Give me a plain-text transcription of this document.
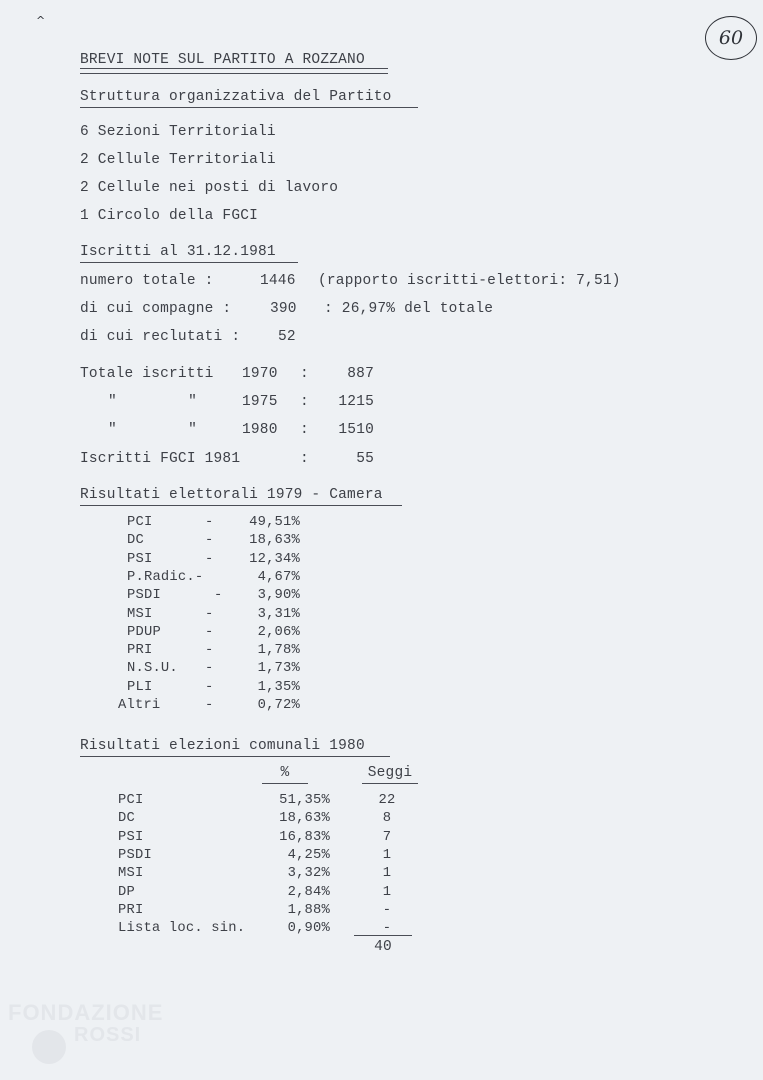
^
60
BREVI NOTE SUL PARTITO A ROZZANO
Struttura organizzativa del Partito
6 Sezioni Territoriali
2 Cellule Territoriali
2 Cellule nei posti di lavoro
1 Circolo della FGCI
Iscritti al 31.12.1981
numero totale :	1446 (rapporto iscritti-elettori: 7,51)
di cui compagne :	390 : 26,97% del totale
di cui reclutati :	52
Totale iscritti 1970 :	887
"        "	1975 :	1215
"        "	1980 :	1510
Iscritti FGCI 1981	:	55
Risultati elettorali 1979 - Camera
PCI	-	49,51%
DC	-	18,63%
PSI	-	12,34%
P.Radic.-	4,67%
PSDI	-	3,90%
MSI	-	3,31%
PDUP	-	2,06%
PRI	-	1,78%
N.S.U. -	1,73%
PLI	-	1,35%
Altri	-	0,72%
Risultati elezioni comunali 1980
%	Seggi
PCI	51,35%	22
DC	18,63%	8
PSI	16,83%	7
PSDI	4,25%	1
MSI	3,32%	1
DP	2,84%	1
PRI	1,88%	-
Lista loc. sin.	0,90%	-
40
FONDAZIONE
ROSSI
